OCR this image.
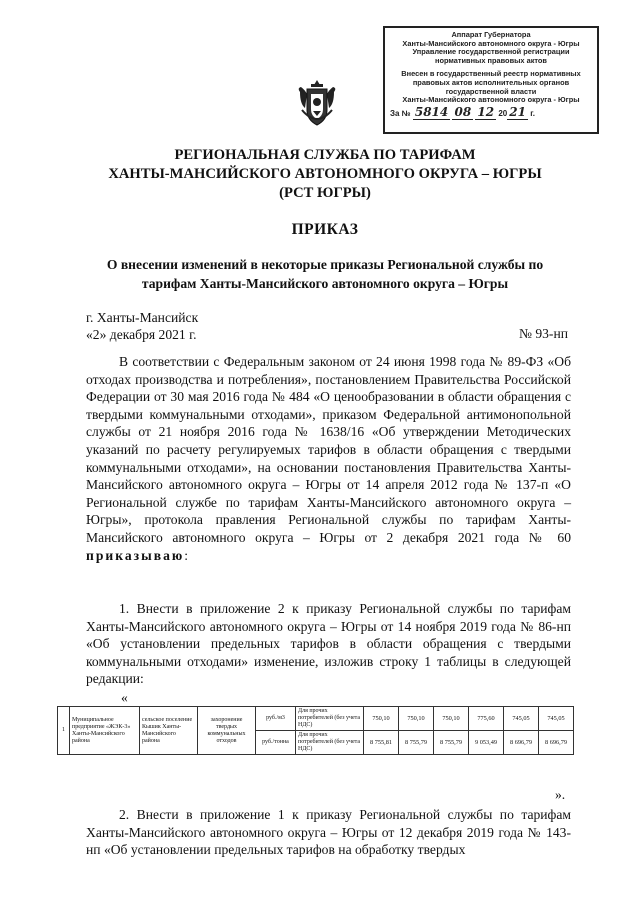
Аппарат Губернатора

Ханты-Мансийского автономного округа - Югры

Управление государственной регистрации

нормативных правовых актов

Внесен в государственный реестр нормативных

правовых актов исполнительных органов

государственной власти

Ханты-Мансийского автономного округа - Югры

За № 5814 08 12 20 21 г.

РЕГИОНАЛЬНАЯ СЛУЖБА ПО ТАРИФАМ
ХАНТЫ-МАНСИЙСКОГО АВТОНОМНОГО ОКРУГА – ЮГРЫ
(РСТ ЮГРЫ)
ПРИКАЗ
О внесении изменений в некоторые приказы Региональной службы по
тарифам Ханты-Мансийского автономного округа – Югры
г. Ханты-Мансийск
«2» декабря 2021 г.	№ 93-нп
В соответствии с Федеральным законом от 24 июня 1998 года № 89-ФЗ «Об отходах производства и потребления», постановлением Правительства Российской Федерации от 30 мая 2016 года № 484 «О ценообразовании в области обращения с твердыми коммунальными отходами», приказом Федеральной антимонопольной службы от 21 ноября 2016 года № 1638/16 «Об утверждении Методических указаний по расчету регулируемых тарифов в области обращения с твердыми коммунальными отходами», на основании постановления Правительства Ханты-Мансийского автономного округа – Югры от 14 апреля 2012 года № 137-п «О Региональной службе по тарифам Ханты-Мансийского автономного округа – Югры», протокола правления Региональной службы по тарифам Ханты-Мансийского автономного округа – Югры от 2 декабря 2021 года № 60 приказываю:
1. Внести в приложение 2 к приказу Региональной службы по тарифам Ханты-Мансийского автономного округа – Югры от 14 ноября 2019 года № 86-нп «Об установлении предельных тарифов в области обращения с твердыми коммунальными отходами» изменение, изложив строку 1 таблицы в следующей редакции:
«
1	Муниципальное предприятие «ЖЭК-3» Ханты-Мансийского района	сельское поселение Кышик Ханты-Мансийского района	захоронение твердых коммунальных отходов	руб./м3	Для прочих потребителей (без учета НДС)	750,10	750,10	750,10	775,60	745,05	745,05
				руб./тонна	Для прочих потребителей (без учета НДС)	8 755,81	8 755,79	8 755,79	9 053,49	8 696,79	8 696,79
».
2. Внести в приложение 1 к приказу Региональной службы по тарифам Ханты-Мансийского автономного округа – Югры от 12 декабря 2019 года № 143-нп «Об установлении предельных тарифов на обработку твердых
